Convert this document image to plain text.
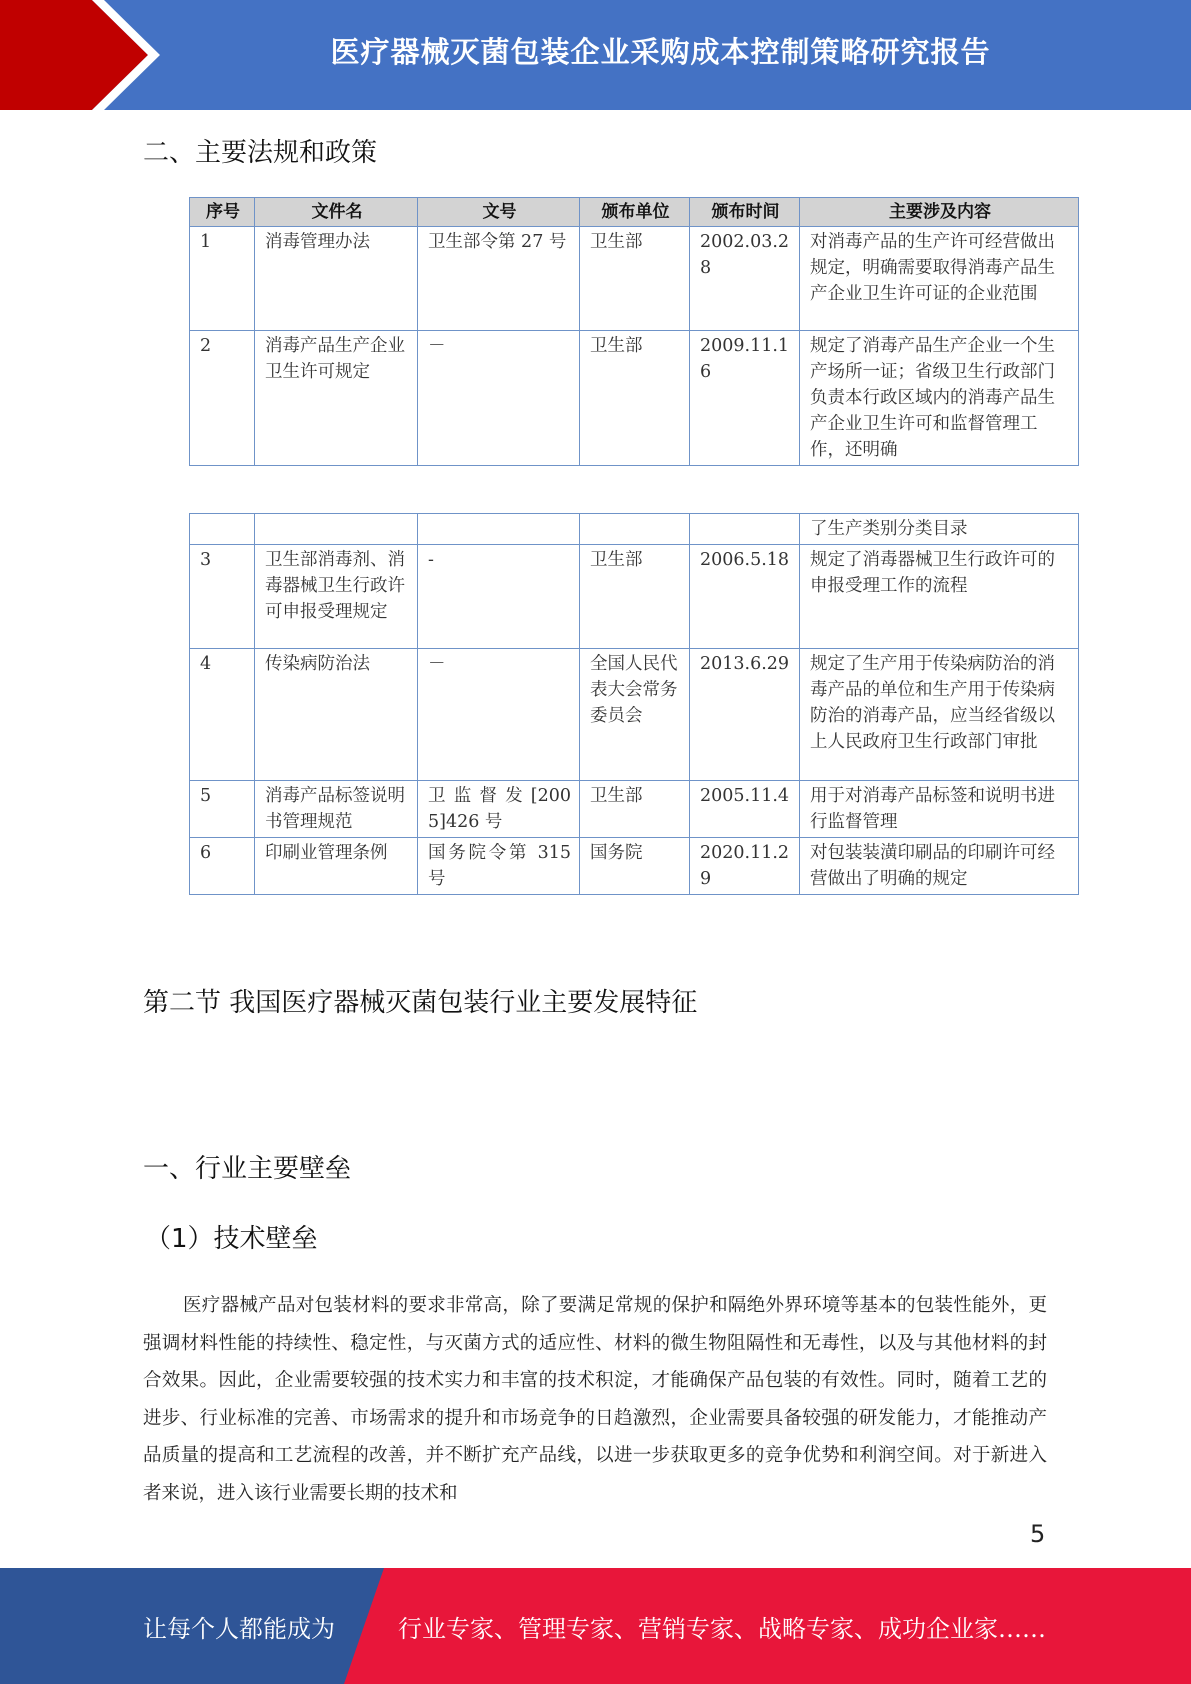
医疗器械灭菌包装企业采购成本控制策略研究报告
二、主要法规和政策
序号	文件名	文号	颁布单位	颁布时间	主要涉及内容
1	消毒管理办法	卫生部令第 27 号	卫生部	2002.03.28	对消毒产品的生产许可经营做出规定，明确需要取得消毒产品生产企业卫生许可证的企业范围
2	消毒产品生产企业卫生许可规定	－	卫生部	2009.11.16	规定了消毒产品生产企业一个生产场所一证；省级卫生行政部门负责本行政区域内的消毒产品生产企业卫生许可和监督管理工作，还明确
					了生产类别分类目录
3	卫生部消毒剂、消毒器械卫生行政许可申报受理规定	-	卫生部	2006.5.18	规定了消毒器械卫生行政许可的申报受理工作的流程
4	传染病防治法	－	全国人民代表大会常务委员会	2013.6.29	规定了生产用于传染病防治的消毒产品的单位和生产用于传染病防治的消毒产品，应当经省级以上人民政府卫生行政部门审批
5	消毒产品标签说明书管理规范	卫 监 督 发 [2005]426 号	卫生部	2005.11.4	用于对消毒产品标签和说明书进行监督管理
6	印刷业管理条例	国务院令第 315 号	国务院	2020.11.29	对包装装潢印刷品的印刷许可经营做出了明确的规定
第二节 我国医疗器械灭菌包装行业主要发展特征
一、行业主要壁垒
（1）技术壁垒

医疗器械产品对包装材料的要求非常高，除了要满足常规的保护和隔绝外界环境等基本的包装性能外，更强调材料性能的持续性、稳定性，与灭菌方式的适应性、材料的微生物阻隔性和无毒性，以及与其他材料的封合效果。因此，企业需要较强的技术实力和丰富的技术积淀，才能确保产品包装的有效性。同时，随着工艺的进步、行业标准的完善、市场需求的提升和市场竞争的日趋激烈，企业需要具备较强的研发能力，才能推动产品质量的提高和工艺流程的改善，并不断扩充产品线，以进一步获取更多的竞争优势和利润空间。对于新进入者来说，进入该行业需要长期的技术和

5
让每个人都能成为	行业专家、管理专家、营销专家、战略专家、成功企业家……
